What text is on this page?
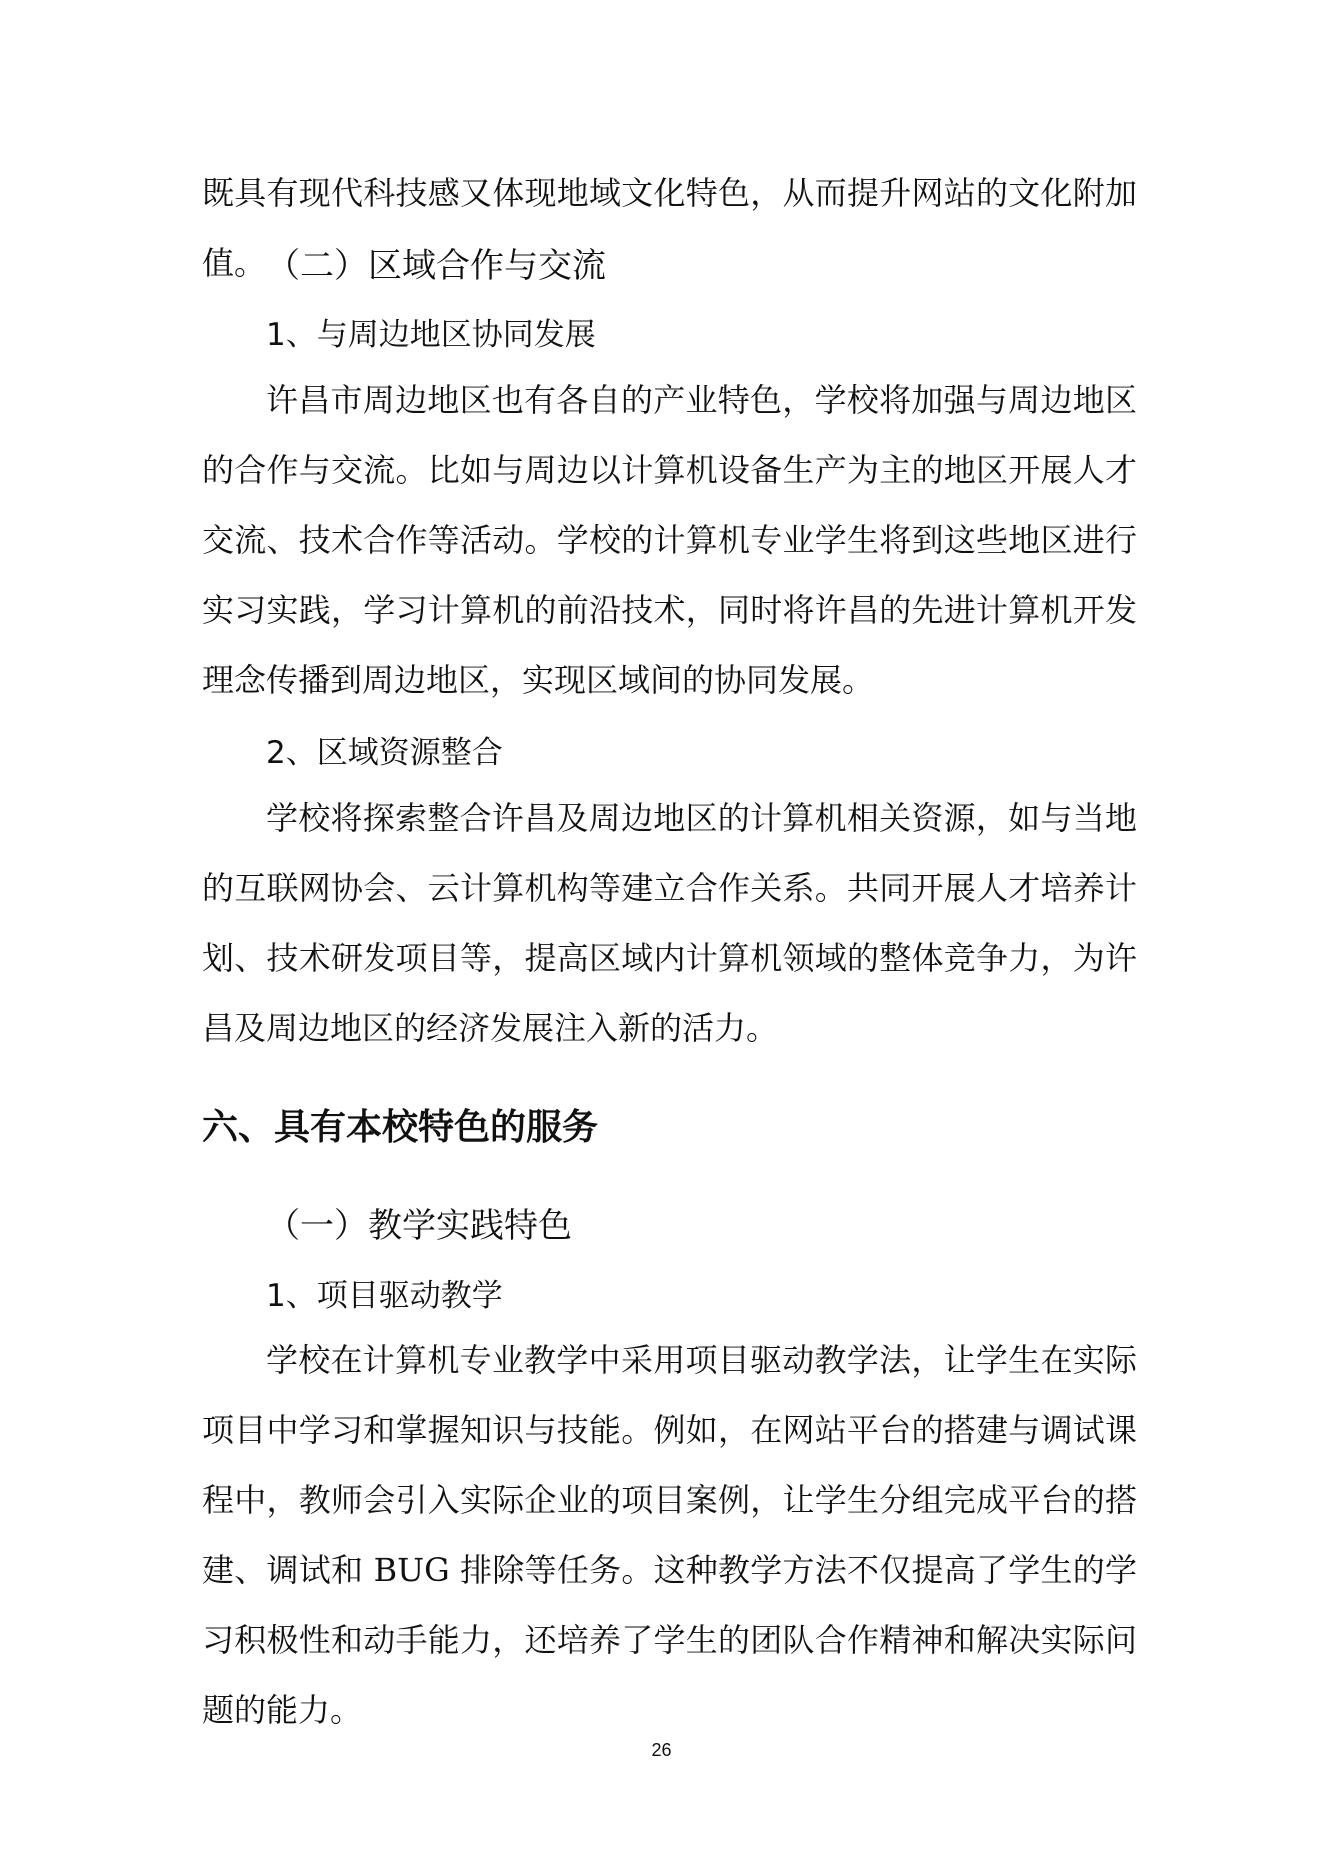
既具有现代科技感又体现地域文化特色，从而提升网站的文化附加值。 （二）区域合作与交流
1、与周边地区协同发展

许昌市周边地区也有各自的产业特色，学校将加强与周边地区的合作与交流。比如与周边以计算机设备生产为主的地区开展人才交流、技术合作等活动。学校的计算机专业学生将到这些地区进行实习实践，学习计算机的前沿技术，同时将许昌的先进计算机开发理念传播到周边地区，实现区域间的协同发展。

2、区域资源整合

学校将探索整合许昌及周边地区的计算机相关资源，如与当地的互联网协会、云计算机构等建立合作关系。共同开展人才培养计划、技术研发项目等，提高区域内计算机领域的整体竞争力，为许昌及周边地区的经济发展注入新的活力。

六、具有本校特色的服务
（一）教学实践特色
1、项目驱动教学

学校在计算机专业教学中采用项目驱动教学法，让学生在实际项目中学习和掌握知识与技能。例如，在网站平台的搭建与调试课程中，教师会引入实际企业的项目案例，让学生分组完成平台的搭建、调试和 BUG 排除等任务。这种教学方法不仅提高了学生的学习积极性和动手能力，还培养了学生的团队合作精神和解决实际问题的能力。

26
